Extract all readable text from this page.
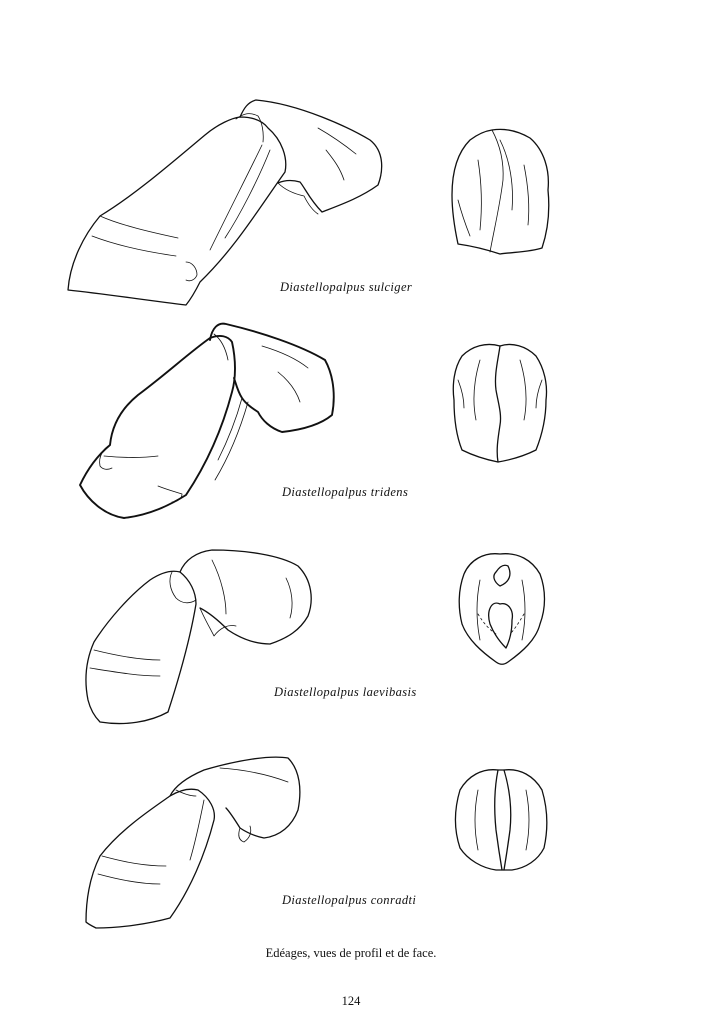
Diastellopalpus sulciger
Diastellopalpus tridens
Diastellopalpus laevibasis
Diastellopalpus conradti
Edéages, vues de profil et de face.
124
